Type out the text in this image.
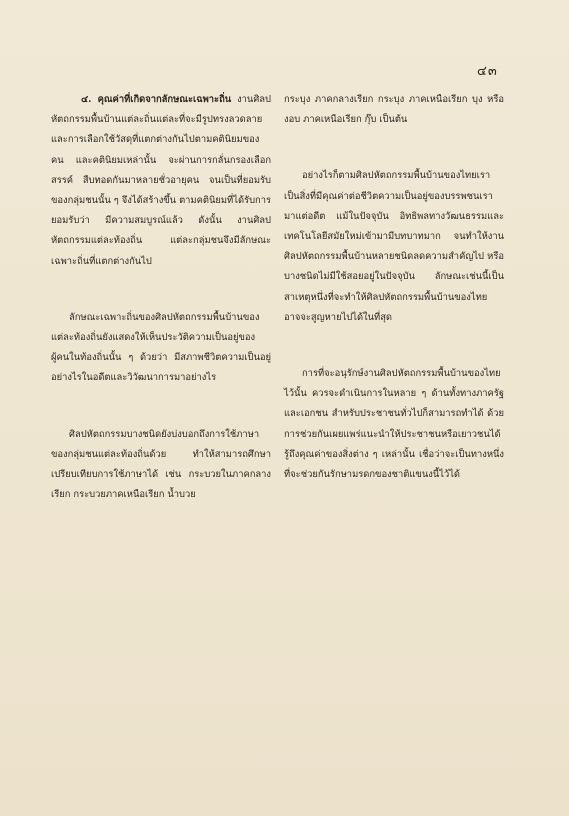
๔๓

๔. คุณค่าที่เกิดจากลักษณะเฉพาะถิ่น งานศิลปหัตถกรรมพื้นบ้านแต่ละถิ่นแต่ละที่จะมีรูปทรงลวดลายและการเลือกใช้วัสดุที่แตกต่างกันไปตามคตินิยมของคน และคตินิยมเหล่านั้น จะผ่านการกลั่นกรองเลือกสรรค์ สืบทอดกันมาหลายชั่วอายุคน จนเป็นที่ยอมรับของกลุ่มชนนั้น ๆ จึงได้สร้างขึ้น ตามคตินิยมที่ได้รับการยอมรับว่า มีความสมบูรณ์แล้ว ดังนั้น งานศิลปหัตถกรรมแต่ละท้องถิ่น แต่ละกลุ่มชนจึงมีลักษณะเฉพาะถิ่นที่แตกต่างกันไป

ลักษณะเฉพาะถิ่นของศิลปหัตถกรรมพื้นบ้านของแต่ละท้องถิ่นยังแสดงให้เห็นประวัติความเป็นอยู่ของผู้คนในท้องถิ่นนั้น ๆ ด้วยว่า มีสภาพชีวิตความเป็นอยู่อย่างไรในอดีตและวิวัฒนาการมาอย่างไร

ศิลปหัตถกรรมบางชนิดยังบ่งบอกถึงการใช้ภาษาของกลุ่มชนแต่ละท้องถิ่นด้วย ทำให้สามารถศึกษาเปรียบเทียบการใช้ภาษาได้ เช่น กระบวยในภาคกลาง เรียก กระบวยภาคเหนือเรียก น้ำบวย

กระบุง ภาคกลางเรียก กระบุง ภาคเหนือเรียก บุง หรือ งอบ ภาคเหนือเรียก กุ๊บ เป็นต้น

อย่างไรก็ตามศิลปหัตถกรรมพื้นบ้านของไทยเรา เป็นสิ่งที่มีคุณค่าต่อชีวิตความเป็นอยู่ของบรรพชนเรามาแต่อดีต แม้ในปัจจุบัน อิทธิพลทางวัฒนธรรมและเทคโนโลยีสมัยใหม่เข้ามามีบทบาทมาก จนทำให้งานศิลปหัตถกรรมพื้นบ้านหลายชนิดลดความสำคัญไป หรือบางชนิดไม่มีใช้สอยอยู่ในปัจจุบัน ลักษณะเช่นนี้เป็นสาเหตุหนึ่งที่จะทำให้ศิลปหัตถกรรมพื้นบ้านของไทย อาจจะสูญหายไปได้ในที่สุด

การที่จะอนุรักษ์งานศิลปหัตถกรรมพื้นบ้านของไทยไว้นั้น ควรจะดำเนินการในหลาย ๆ ด้านทั้งทางภาครัฐและเอกชน สำหรับประชาชนทั่วไปก็สามารถทำได้ ด้วยการช่วยกันเผยแพร่แนะนำให้ประชาชนหรือเยาวชนได้รู้ถึงคุณค่าของสิ่งต่าง ๆ เหล่านั้น เชื่อว่าจะเป็นทางหนึ่งที่จะช่วยกันรักษามรดกของชาติแขนงนี้ไว้ได้
